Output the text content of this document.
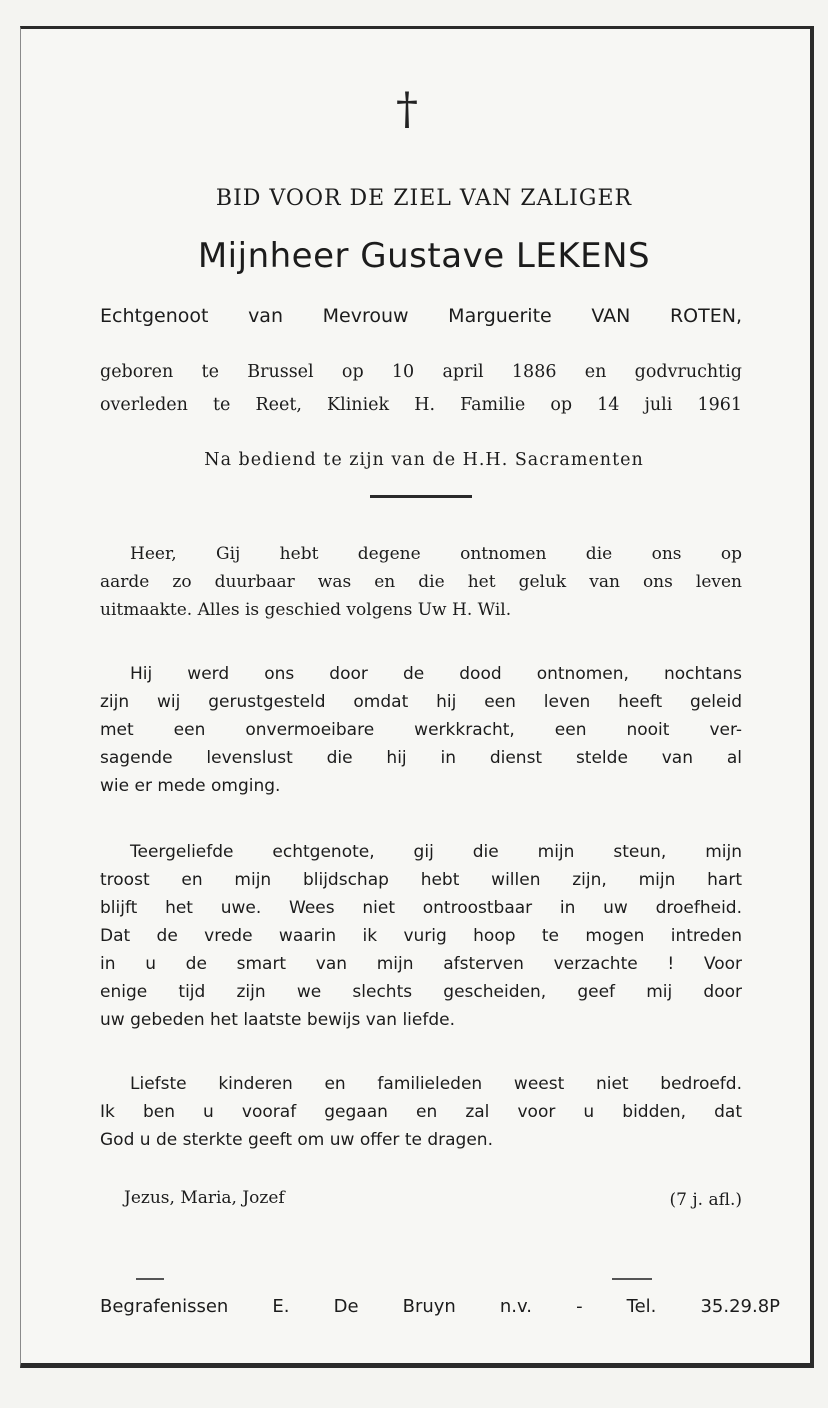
†
BID VOOR DE ZIEL VAN ZALIGER
Mijnheer Gustave LEKENS
Echtgenoot van Mevrouw Marguerite VAN ROTEN,
geboren te Brussel op 10 april 1886 en godvruchtig
overleden te Reet, Kliniek H. Familie op 14 juli 1961
Na bediend te zijn van de H.H. Sacramenten
Heer, Gij hebt degene ontnomen die ons op
aarde zo duurbaar was en die het geluk van ons leven
uitmaakte. Alles is geschied volgens Uw H. Wil.
Hij werd ons door de dood ontnomen, nochtans
zijn wij gerustgesteld omdat hij een leven heeft geleid
met een onvermoeibare werkkracht, een nooit ver-
sagende levenslust die hij in dienst stelde van al
wie er mede omging.
Teergeliefde echtgenote, gij die mijn steun, mijn
troost en mijn blijdschap hebt willen zijn, mijn hart
blijft het uwe. Wees niet ontroostbaar in uw droefheid.
Dat de vrede waarin ik vurig hoop te mogen intreden
in u de smart van mijn afsterven verzachte ! Voor
enige tijd zijn we slechts gescheiden, geef mij door
uw gebeden het laatste bewijs van liefde.
Liefste kinderen en familieleden weest niet bedroefd.
Ik ben u vooraf gegaan en zal voor u bidden, dat
God u de sterkte geeft om uw offer te dragen.
Jezus, Maria, Jozef	(7 j. afl.)
Begrafenissen E. De Bruyn n.v. - Tel. 35.29.8P
